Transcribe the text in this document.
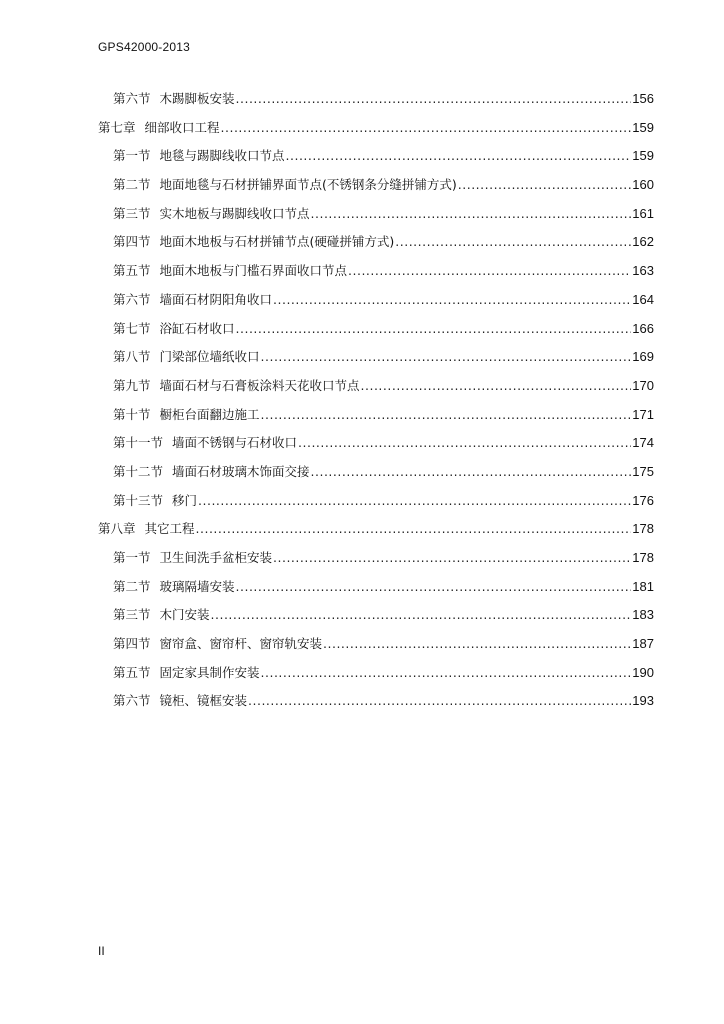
GPS42000-2013
第六节 木踢脚板安装 .....	156
第七章 细部收口工程 .....	159
第一节 地毯与踢脚线收口节点 .....	159
第二节 地面地毯与石材拼铺界面节点(不锈钢条分缝拼铺方式) .....	160
第三节 实木地板与踢脚线收口节点 .....	161
第四节 地面木地板与石材拼铺节点(硬碰拼铺方式) .....	162
第五节 地面木地板与门槛石界面收口节点 .....	163
第六节 墙面石材阴阳角收口 .....	164
第七节 浴缸石材收口 .....	166
第八节 门梁部位墙纸收口 .....	169
第九节 墙面石材与石膏板涂料天花收口节点 .....	170
第十节 橱柜台面翻边施工 .....	171
第十一节 墙面不锈钢与石材收口 .....	174
第十二节 墙面石材玻璃木饰面交接 .....	175
第十三节 移门 .....	176
第八章 其它工程 .....	178
第一节 卫生间洗手盆柜安装 .....	178
第二节 玻璃隔墙安装 .....	181
第三节 木门安装 .....	183
第四节 窗帘盒、窗帘杆、窗帘轨安装 .....	187
第五节 固定家具制作安装 .....	190
第六节 镜柜、镜框安装 .....	193
II
